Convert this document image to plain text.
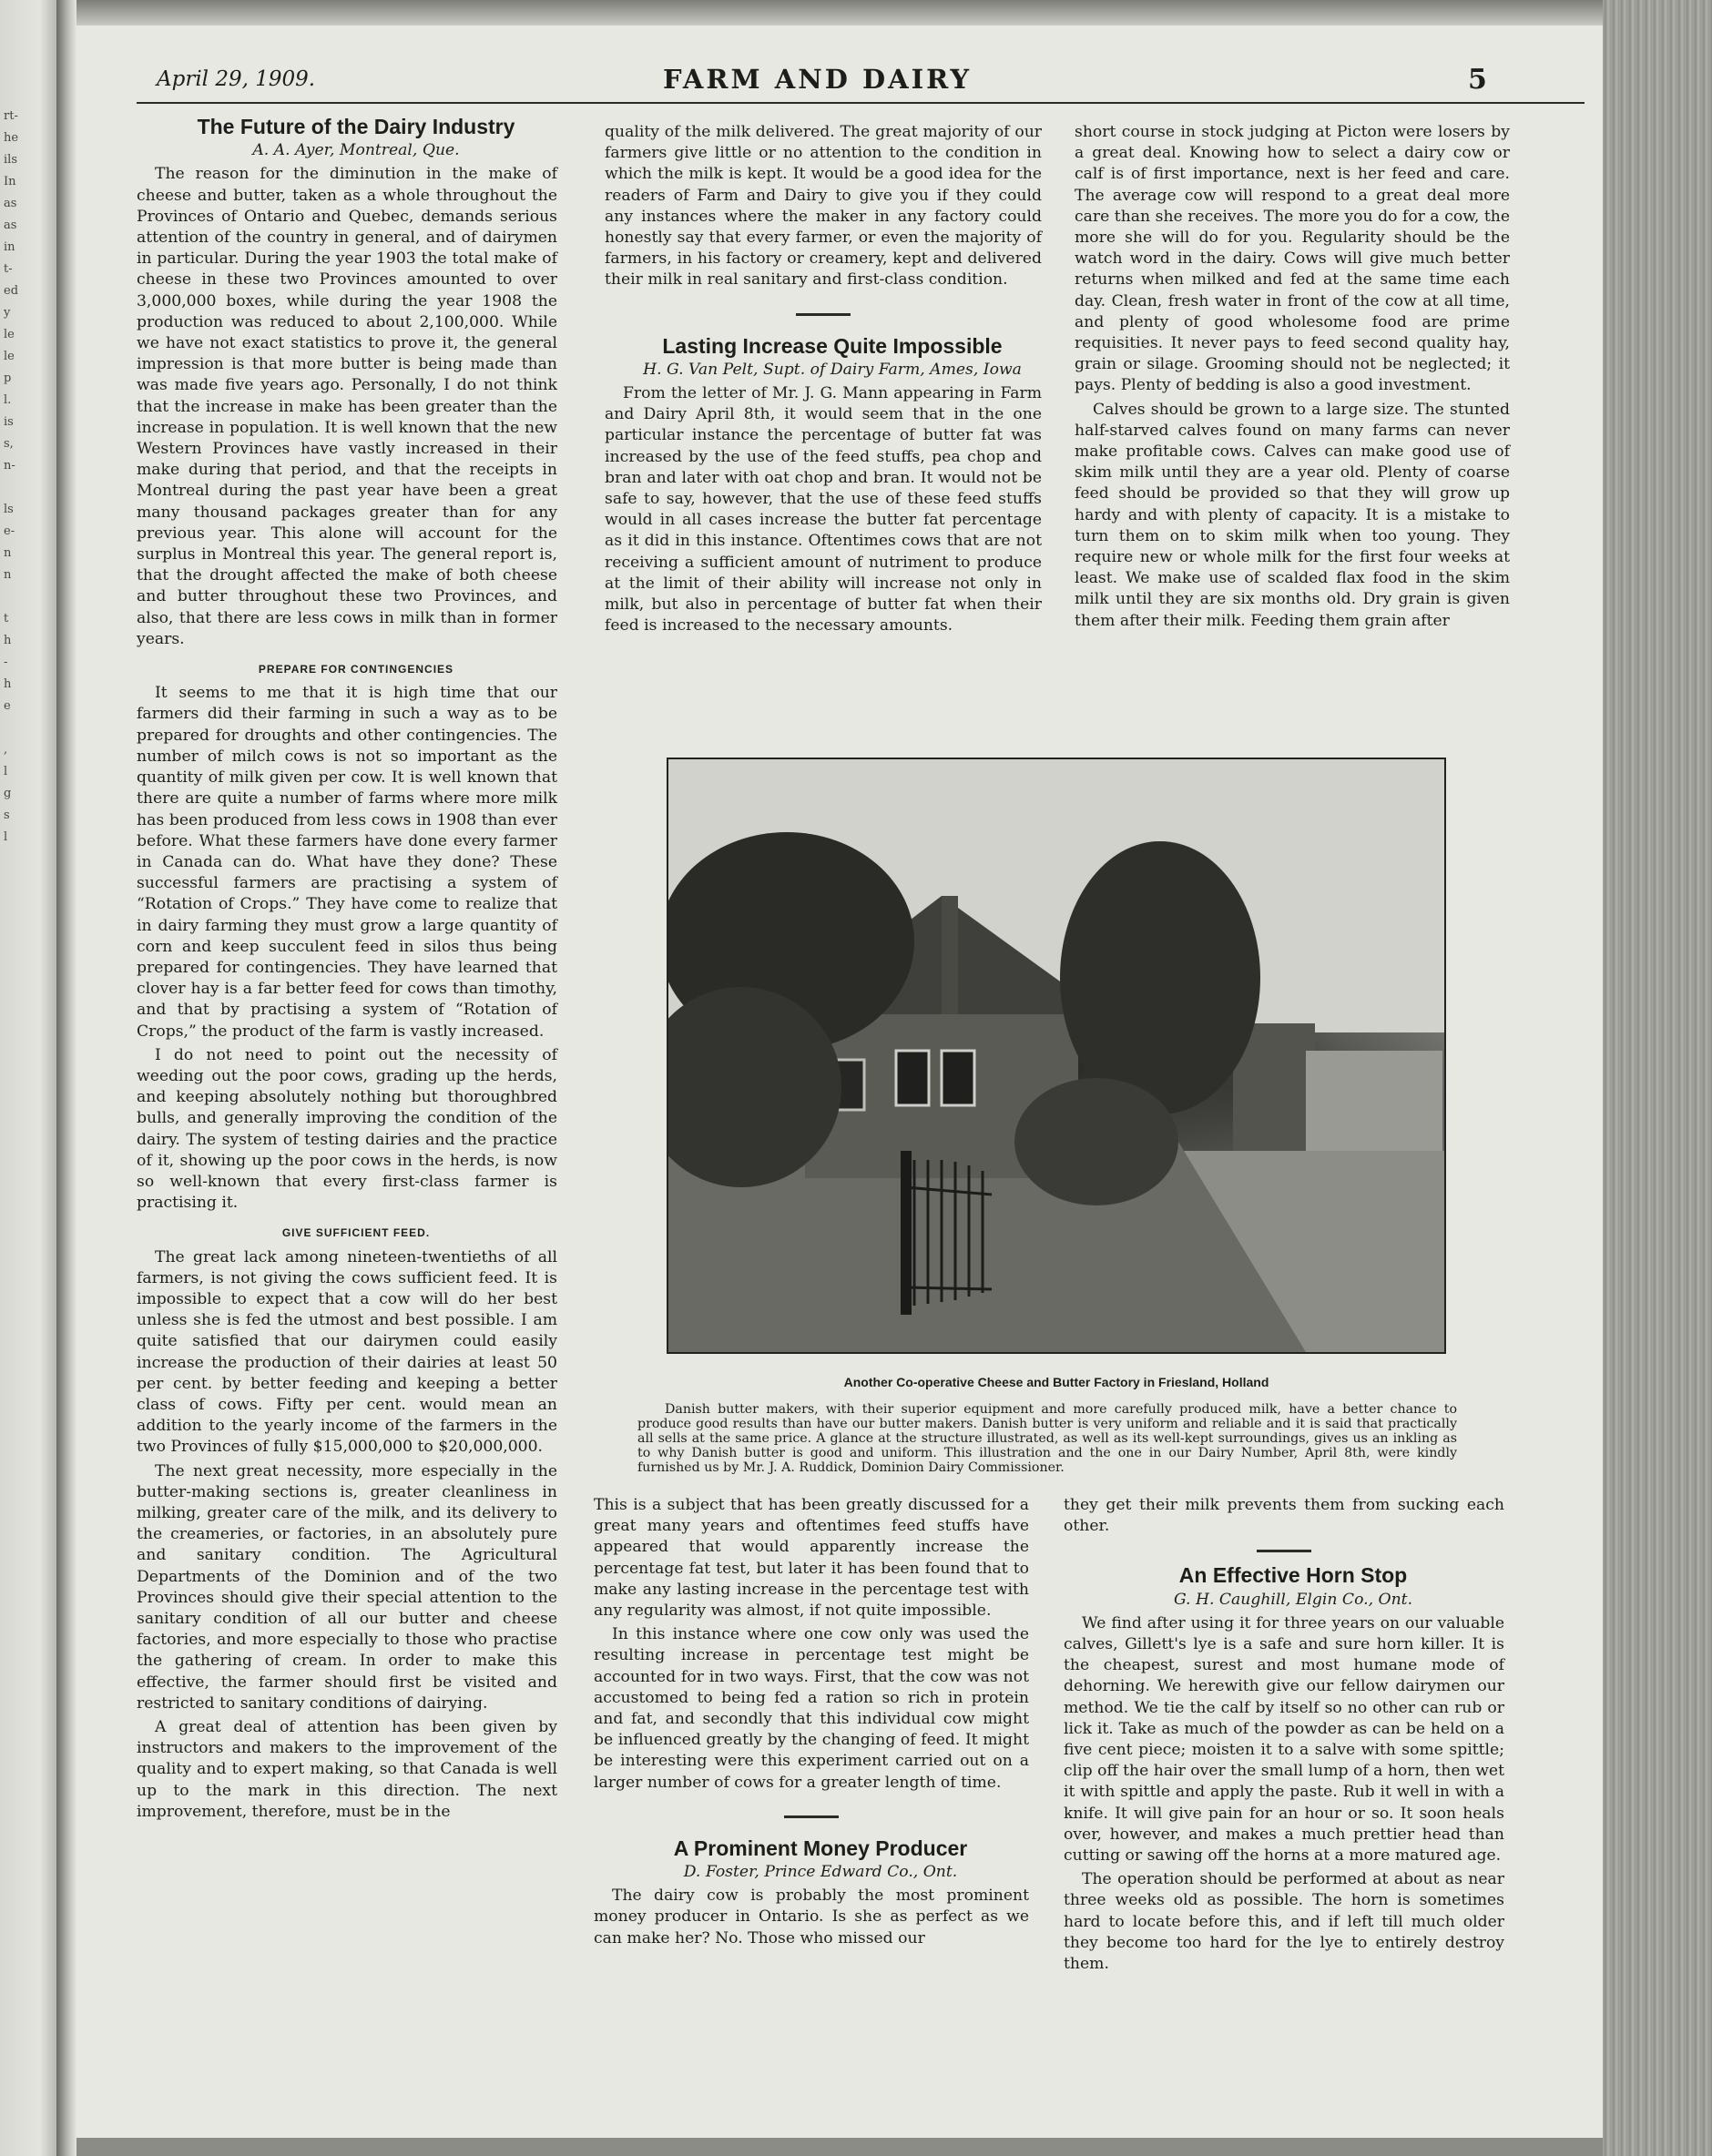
rt-
he
ils
In
as
as
in
t-
ed
y
le
le
p
l.
is
s,
n-
ls
e-
n
n
t
h
-
h
e
,
l
g
s
l
April 29, 1909.	FARM AND DAIRY	5

The Future of the Dairy Industry

A. A. Ayer, Montreal, Que.

The reason for the diminution in the make of cheese and butter, taken as a whole throughout the Provinces of Ontario and Quebec, demands serious attention of the country in general, and of dairymen in particular. During the year 1903 the total make of cheese in these two Provinces amounted to over 3,000,000 boxes, while during the year 1908 the production was reduced to about 2,100,000. While we have not exact statistics to prove it, the general impression is that more butter is being made than was made five years ago. Personally, I do not think that the increase in make has been greater than the increase in population. It is well known that the new Western Provinces have vastly increased in their make during that period, and that the receipts in Montreal during the past year have been a great many thousand packages greater than for any previous year. This alone will account for the surplus in Montreal this year. The general report is, that the drought affected the make of both cheese and butter throughout these two Provinces, and also, that there are less cows in milk than in former years.

PREPARE FOR CONTINGENCIES

It seems to me that it is high time that our farmers did their farming in such a way as to be prepared for droughts and other contingencies. The number of milch cows is not so important as the quantity of milk given per cow. It is well known that there are quite a number of farms where more milk has been produced from less cows in 1908 than ever before. What these farmers have done every farmer in Canada can do. What have they done? These successful farmers are practising a system of “Rotation of Crops.” They have come to realize that in dairy farming they must grow a large quantity of corn and keep succulent feed in silos thus being prepared for contingencies. They have learned that clover hay is a far better feed for cows than timothy, and that by practising a system of “Rotation of Crops,” the product of the farm is vastly increased.

I do not need to point out the necessity of weeding out the poor cows, grading up the herds, and keeping absolutely nothing but thoroughbred bulls, and generally improving the condition of the dairy. The system of testing dairies and the practice of it, showing up the poor cows in the herds, is now so well-known that every first-class farmer is practising it.

GIVE SUFFICIENT FEED.

The great lack among nineteen-twentieths of all farmers, is not giving the cows sufficient feed. It is impossible to expect that a cow will do her best unless she is fed the utmost and best possible. I am quite satisfied that our dairymen could easily increase the production of their dairies at least 50 per cent. by better feeding and keeping a better class of cows. Fifty per cent. would mean an addition to the yearly income of the farmers in the two Provinces of fully $15,000,000 to $20,000,000.

The next great necessity, more especially in the butter-making sections is, greater cleanliness in milking, greater care of the milk, and its delivery to the creameries, or factories, in an absolutely pure and sanitary condition. The Agricultural Departments of the Dominion and of the two Provinces should give their special attention to the sanitary condition of all our butter and cheese factories, and more especially to those who practise the gathering of cream. In order to make this effective, the farmer should first be visited and restricted to sanitary conditions of dairying.

A great deal of attention has been given by instructors and makers to the improvement of the quality and to expert making, so that Canada is well up to the mark in this direction. The next improvement, therefore, must be in the

quality of the milk delivered. The great majority of our farmers give little or no attention to the condition in which the milk is kept. It would be a good idea for the readers of Farm and Dairy to give you if they could any instances where the maker in any factory could honestly say that every farmer, or even the majority of farmers, in his factory or creamery, kept and delivered their milk in real sanitary and first-class condition.

Lasting Increase Quite Impossible

H. G. Van Pelt, Supt. of Dairy Farm, Ames, Iowa

From the letter of Mr. J. G. Mann appearing in Farm and Dairy April 8th, it would seem that in the one particular instance the percentage of butter fat was increased by the use of the feed stuffs, pea chop and bran and later with oat chop and bran. It would not be safe to say, however, that the use of these feed stuffs would in all cases increase the butter fat percentage as it did in this instance. Oftentimes cows that are not receiving a sufficient amount of nutriment to produce at the limit of their ability will increase not only in milk, but also in percentage of butter fat when their feed is increased to the necessary amounts.

short course in stock judging at Picton were losers by a great deal. Knowing how to select a dairy cow or calf is of first importance, next is her feed and care. The average cow will respond to a great deal more care than she receives. The more you do for a cow, the more she will do for you. Regularity should be the watch word in the dairy. Cows will give much better returns when milked and fed at the same time each day. Clean, fresh water in front of the cow at all time, and plenty of good wholesome food are prime requisities. It never pays to feed second quality hay, grain or silage. Grooming should not be neglected; it pays. Plenty of bedding is also a good investment.

Calves should be grown to a large size. The stunted half-starved calves found on many farms can never make profitable cows. Calves can make good use of skim milk until they are a year old. Plenty of coarse feed should be provided so that they will grow up hardy and with plenty of capacity. It is a mistake to turn them on to skim milk when too young. They require new or whole milk for the first four weeks at least. We make use of scalded flax food in the skim milk until they are six months old. Dry grain is given them after their milk. Feeding them grain after

Another Co-operative Cheese and Butter Factory in Friesland, Holland
Danish butter makers, with their superior equipment and more carefully produced milk, have a better chance to produce good results than have our butter makers. Danish butter is very uniform and reliable and it is said that practically all sells at the same price. A glance at the structure illustrated, as well as its well-kept surroundings, gives us an inkling as to why Danish butter is good and uniform. This illustration and the one in our Dairy Number, April 8th, were kindly furnished us by Mr. J. A. Ruddick, Dominion Dairy Commissioner.

This is a subject that has been greatly discussed for a great many years and oftentimes feed stuffs have appeared that would apparently increase the percentage fat test, but later it has been found that to make any lasting increase in the percentage test with any regularity was almost, if not quite impossible.

In this instance where one cow only was used the resulting increase in percentage test might be accounted for in two ways. First, that the cow was not accustomed to being fed a ration so rich in protein and fat, and secondly that this individual cow might be influenced greatly by the changing of feed. It might be interesting were this experiment carried out on a larger number of cows for a greater length of time.

A Prominent Money Producer

D. Foster, Prince Edward Co., Ont.

The dairy cow is probably the most prominent money producer in Ontario. Is she as perfect as we can make her? No. Those who missed our

they get their milk prevents them from sucking each other.

An Effective Horn Stop

G. H. Caughill, Elgin Co., Ont.

We find after using it for three years on our valuable calves, Gillett's lye is a safe and sure horn killer. It is the cheapest, surest and most humane mode of dehorning. We herewith give our fellow dairymen our method. We tie the calf by itself so no other can rub or lick it. Take as much of the powder as can be held on a five cent piece; moisten it to a salve with some spittle; clip off the hair over the small lump of a horn, then wet it with spittle and apply the paste. Rub it well in with a knife. It will give pain for an hour or so. It soon heals over, however, and makes a much prettier head than cutting or sawing off the horns at a more matured age.

The operation should be performed at about as near three weeks old as possible. The horn is sometimes hard to locate before this, and if left till much older they become too hard for the lye to entirely destroy them.
